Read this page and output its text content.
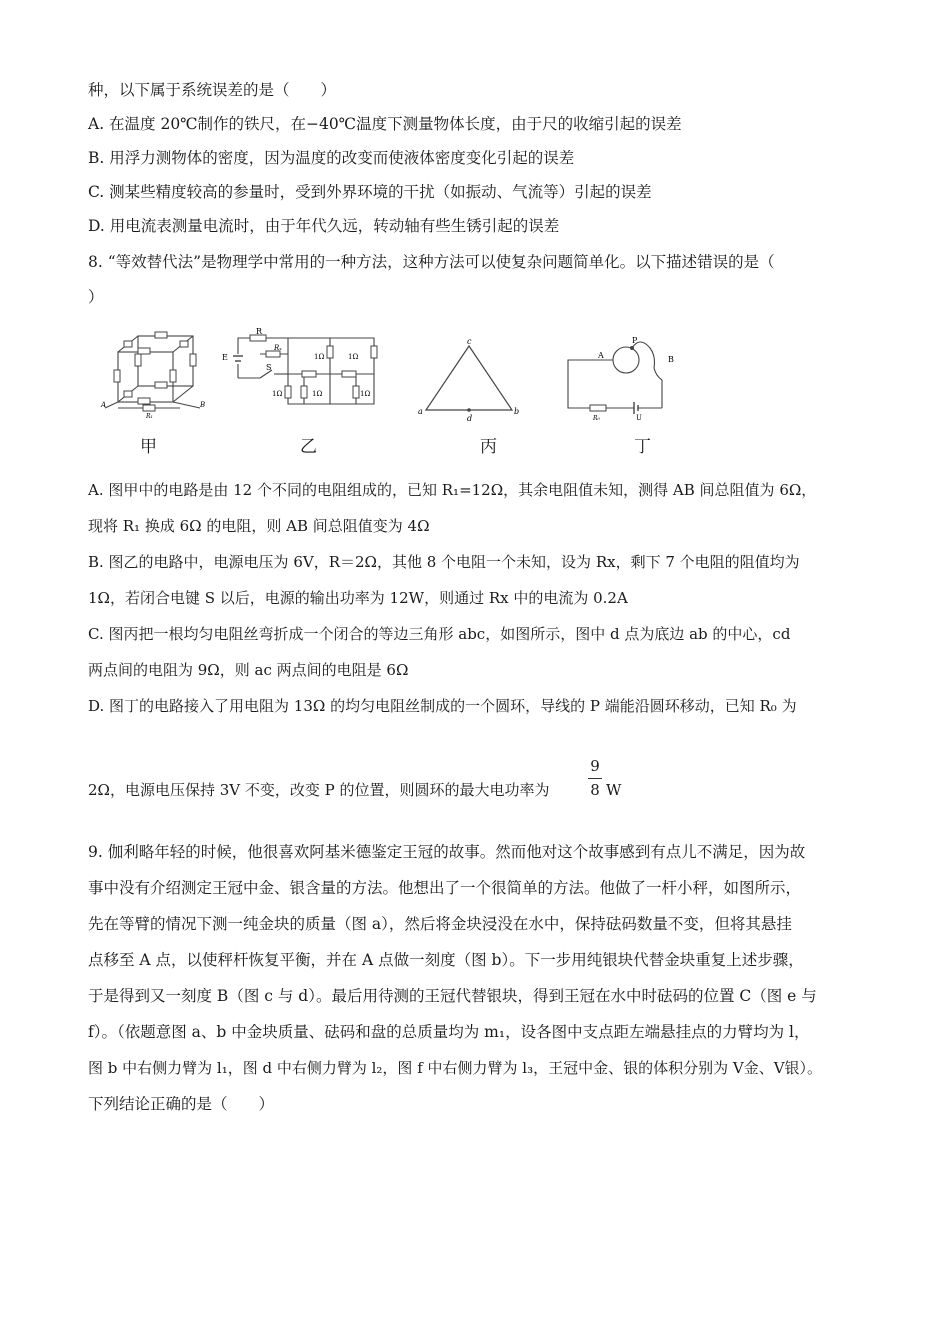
种，以下属于系统误差的是（　　）
A. 在温度 20℃制作的铁尺，在−40℃温度下测量物体长度，由于尺的收缩引起的误差
B. 用浮力测物体的密度，因为温度的改变而使液体密度变化引起的误差
C. 测某些精度较高的参量时，受到外界环境的干扰（如振动、气流等）引起的误差
D. 用电流表测量电流时，由于年代久远，转动轴有些生锈引起的误差
8. “等效替代法”是物理学中常用的一种方法，这种方法可以使复杂问题简单化。以下描述错误的是（
）
A	B
R₁
R
E
Rₓ
S
1Ω	1Ω
1Ω	1Ω	1Ω
c
a	b
d
A
P
B
R₀	U
甲	乙	丙	丁
A. 图甲中的电路是由 12 个不同的电阻组成的，已知 R₁=12Ω，其余电阻值未知，测得 AB 间总阻值为 6Ω，
现将 R₁ 换成 6Ω 的电阻，则 AB 间总阻值变为 4Ω
B. 图乙的电路中，电源电压为 6V，R＝2Ω，其他 8 个电阻一个未知，设为 Rx，剩下 7 个电阻的阻值均为
1Ω，若闭合电键 S 以后，电源的输出功率为 12W，则通过 Rx 中的电流为 0.2A
C. 图丙把一根均匀电阻丝弯折成一个闭合的等边三角形 abc，如图所示，图中 d 点为底边 ab 的中心，cd
两点间的电阻为 9Ω，则 ac 两点间的电阻是 6Ω
D. 图丁的电路接入了用电阻为 13Ω 的均匀电阻丝制成的一个圆环，导线的 P 端能沿圆环移动，已知 R₀ 为
2Ω，电源电压保持 3V 不变，改变 P 的位置，则圆环的最大电功率为
9
8 W
9. 伽利略年轻的时候，他很喜欢阿基米德鉴定王冠的故事。然而他对这个故事感到有点儿不满足，因为故
事中没有介绍测定王冠中金、银含量的方法。他想出了一个很简单的方法。他做了一杆小秤，如图所示，
先在等臂的情况下测一纯金块的质量（图 a），然后将金块浸没在水中，保持砝码数量不变，但将其悬挂
点移至 A 点，以使秤杆恢复平衡，并在 A 点做一刻度（图 b）。下一步用纯银块代替金块重复上述步骤，
于是得到又一刻度 B（图 c 与 d）。最后用待测的王冠代替银块，得到王冠在水中时砝码的位置 C（图 e 与
f）。（依题意图 a、b 中金块质量、砝码和盘的总质量均为 m₁，设各图中支点距左端悬挂点的力臂均为 l，
图 b 中右侧力臂为 l₁，图 d 中右侧力臂为 l₂，图 f 中右侧力臂为 l₃，王冠中金、银的体积分别为 V金、V银）。
下列结论正确的是（　　）
